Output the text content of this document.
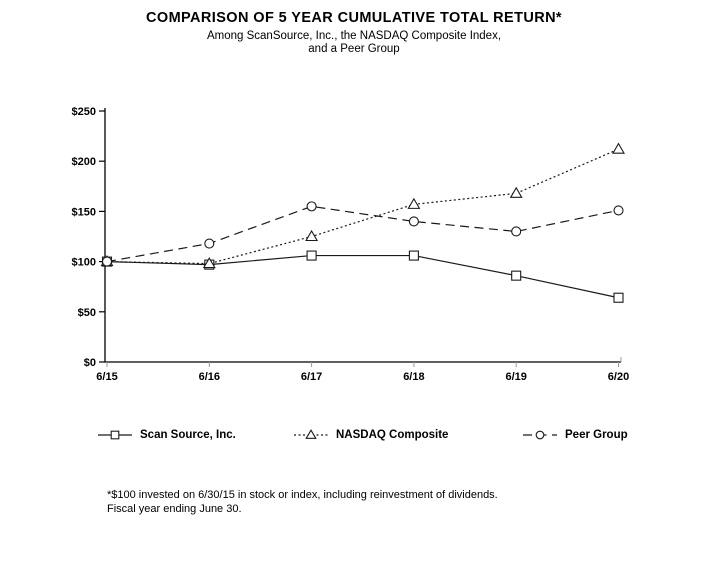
COMPARISON OF 5 YEAR CUMULATIVE TOTAL RETURN*
Among ScanSource, Inc., the NASDAQ Composite Index,
and a Peer Group
$0
$50
$100
$150
$200
$250
6/15	6/16	6/17	6/18	6/19	6/20
Scan Source, Inc.	NASDAQ Composite	Peer Group
*$100 invested on 6/30/15 in stock or index, including reinvestment of dividends.
Fiscal year ending June 30.
